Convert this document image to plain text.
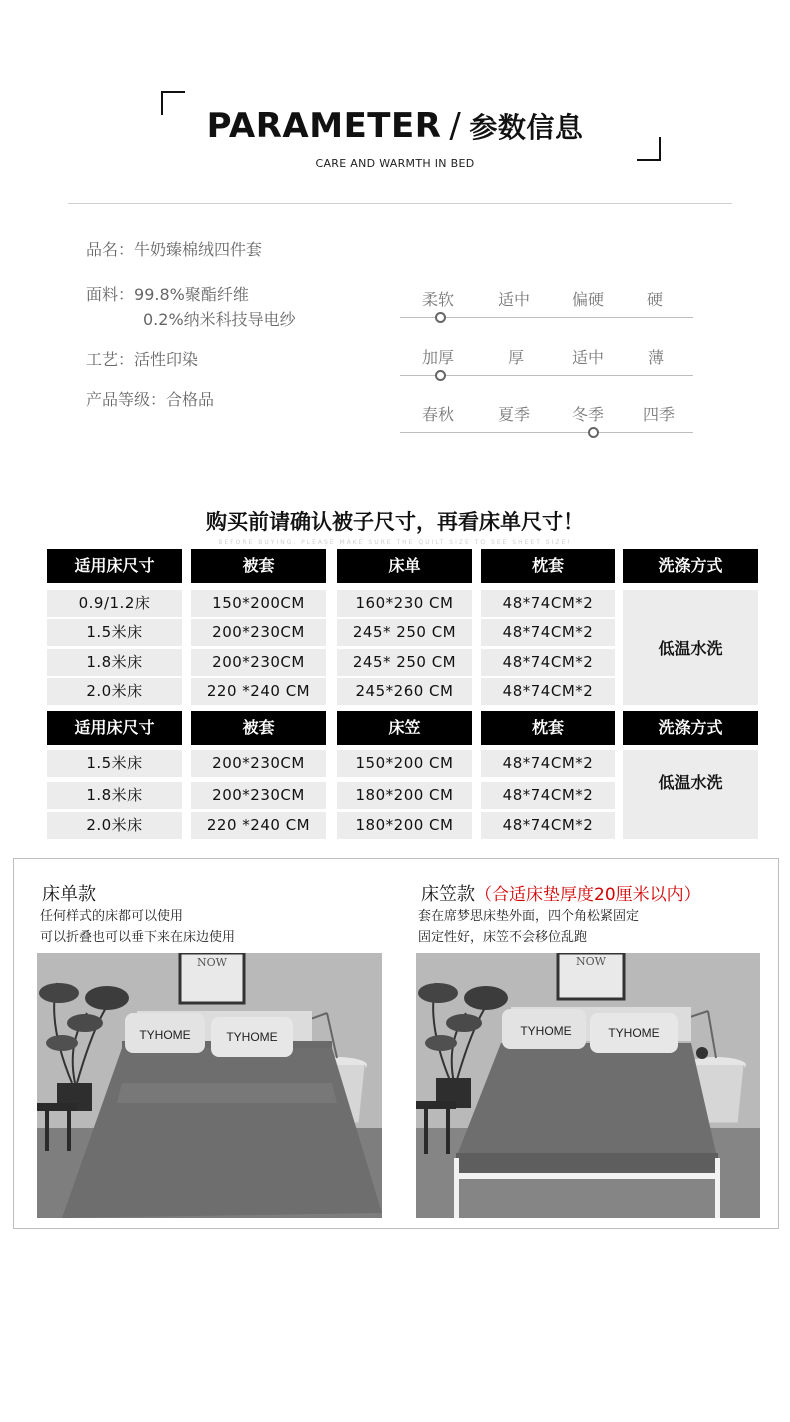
PARAMETER / 参数信息
CARE AND WARMTH IN BED
品名：牛奶臻棉绒四件套
面料：99.8%聚酯纤维
0.2%纳米科技导电纱
工艺：活性印染
产品等级：合格品
柔软	适中	偏硬	硬
加厚	厚	适中	薄
春秋	夏季	冬季 四季
购买前请确认被子尺寸，再看床单尺寸！
BEFORE BUYING, PLEASE MAKE SURE THE QUILT SIZE TO SEE SHEET SIZE!
适用床尺寸	被套	床单	枕套	洗涤方式
0.9/1.2床	150*200CM	160*230 CM	48*74CM*2
1.5米床	200*230CM	245* 250 CM	48*74CM*2
1.8米床	200*230CM	245* 250 CM	48*74CM*2
2.0米床	220 *240 CM	245*260 CM	48*74CM*2
低温水洗
适用床尺寸	被套	床笠	枕套	洗涤方式
1.5米床	200*230CM	150*200 CM	48*74CM*2
1.8米床	200*230CM	180*200 CM	48*74CM*2
2.0米床	220 *240 CM	180*200 CM	48*74CM*2
低温水洗
床单款
任何样式的床都可以使用
可以折叠也可以垂下来在床边使用
NOW
TYHOME	TYHOME
床笠款（合适床垫厚度20厘米以内）
套在席梦思床垫外面，四个角松紧固定
固定性好，床笠不会移位乱跑
NOW
TYHOME	TYHOME
